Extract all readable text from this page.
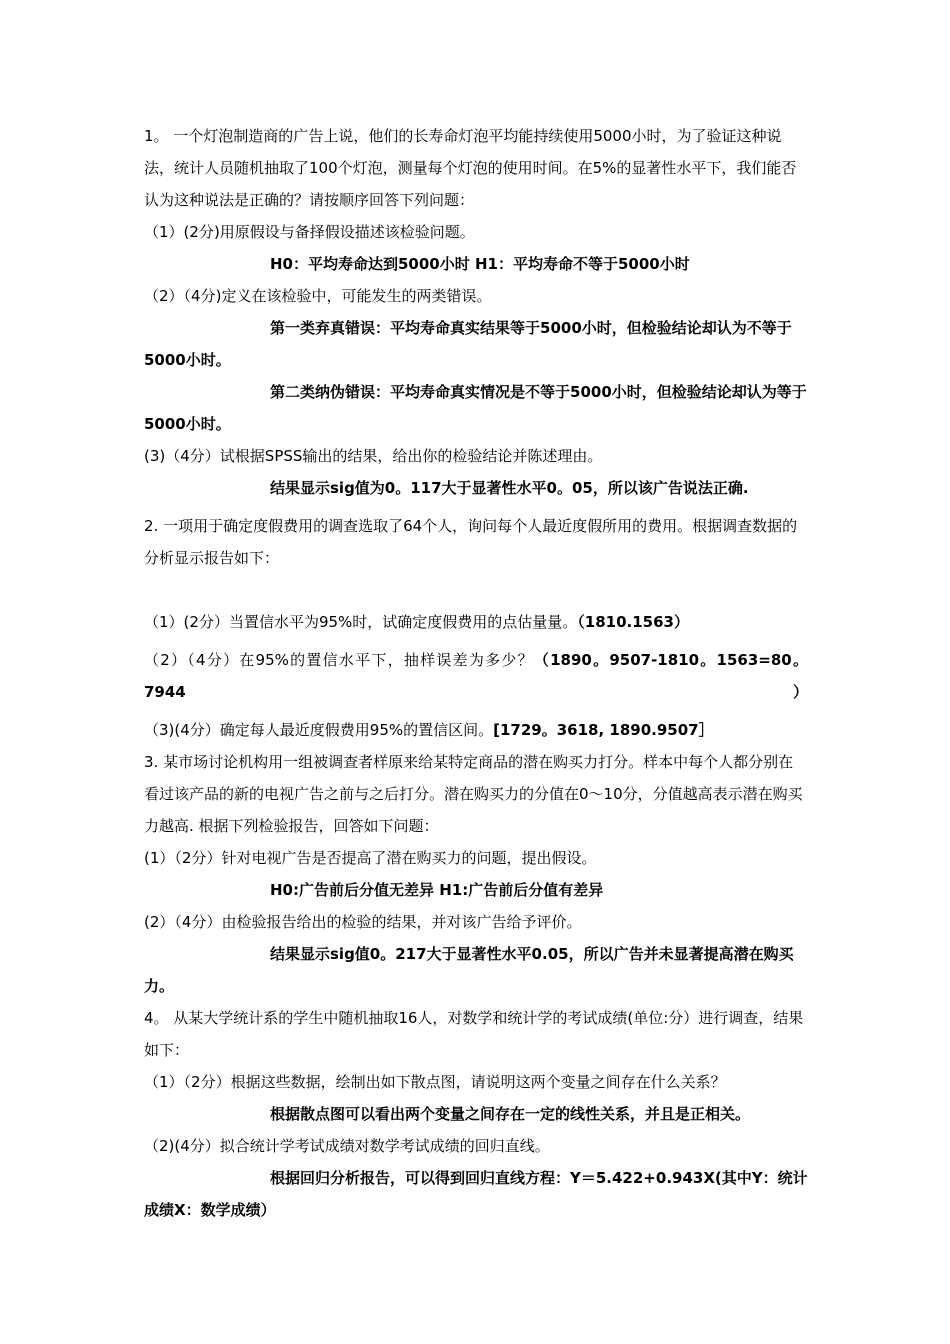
1。 一个灯泡制造商的广告上说，他们的长寿命灯泡平均能持续使用5000小时，为了验证这种说法，统计人员随机抽取了100个灯泡，测量每个灯泡的使用时间。在5%的显著性水平下，我们能否认为这种说法是正确的？请按顺序回答下列问题：

（1）(2分)用原假设与备择假设描述该检验问题。

H0：平均寿命达到5000小时 H1：平均寿命不等于5000小时

（2）（4分)定义在该检验中，可能发生的两类错误。

第一类弃真错误：平均寿命真实结果等于5000小时，但检验结论却认为不等于5000小时。

第二类纳伪错误：平均寿命真实情况是不等于5000小时，但检验结论却认为等于5000小时。

(3)（4分）试根据SPSS输出的结果，给出你的检验结论并陈述理由。

结果显示sig值为0。117大于显著性水平0。05，所以该广告说法正确.

2. 一项用于确定度假费用的调查选取了64个人，询问每个人最近度假所用的费用。根据调查数据的分析显示报告如下：

（1）(2分）当置信水平为95%时，试确定度假费用的点估量量。（1810.1563）

（2）（4分）在95%的置信水平下，抽样误差为多少？（1890。9507-1810。1563=80。7944）

（3)(4分）确定每人最近度假费用95%的置信区间。[1729。3618, 1890.9507］

3. 某市场讨论机构用一组被调查者样原来给某特定商品的潜在购买力打分。样本中每个人都分别在看过该产品的新的电视广告之前与之后打分。潜在购买力的分值在0～10分，分值越高表示潜在购买力越高. 根据下列检验报告，回答如下问题：

(1）（2分）针对电视广告是否提高了潜在购买力的问题，提出假设。

H0:广告前后分值无差异 H1:广告前后分值有差异

(2）（4分）由检验报告给出的检验的结果，并对该广告给予评价。

结果显示sig值0。217大于显著性水平0.05，所以广告并未显著提高潜在购买力。

4。 从某大学统计系的学生中随机抽取16人，对数学和统计学的考试成绩(单位:分）进行调查，结果如下：

（1）（2分）根据这些数据，绘制出如下散点图，请说明这两个变量之间存在什么关系？

根据散点图可以看出两个变量之间存在一定的线性关系，并且是正相关。

（2)(4分）拟合统计学考试成绩对数学考试成绩的回归直线。

根据回归分析报告，可以得到回归直线方程：Y＝5.422+0.943X(其中Y：统计成绩X：数学成绩）
